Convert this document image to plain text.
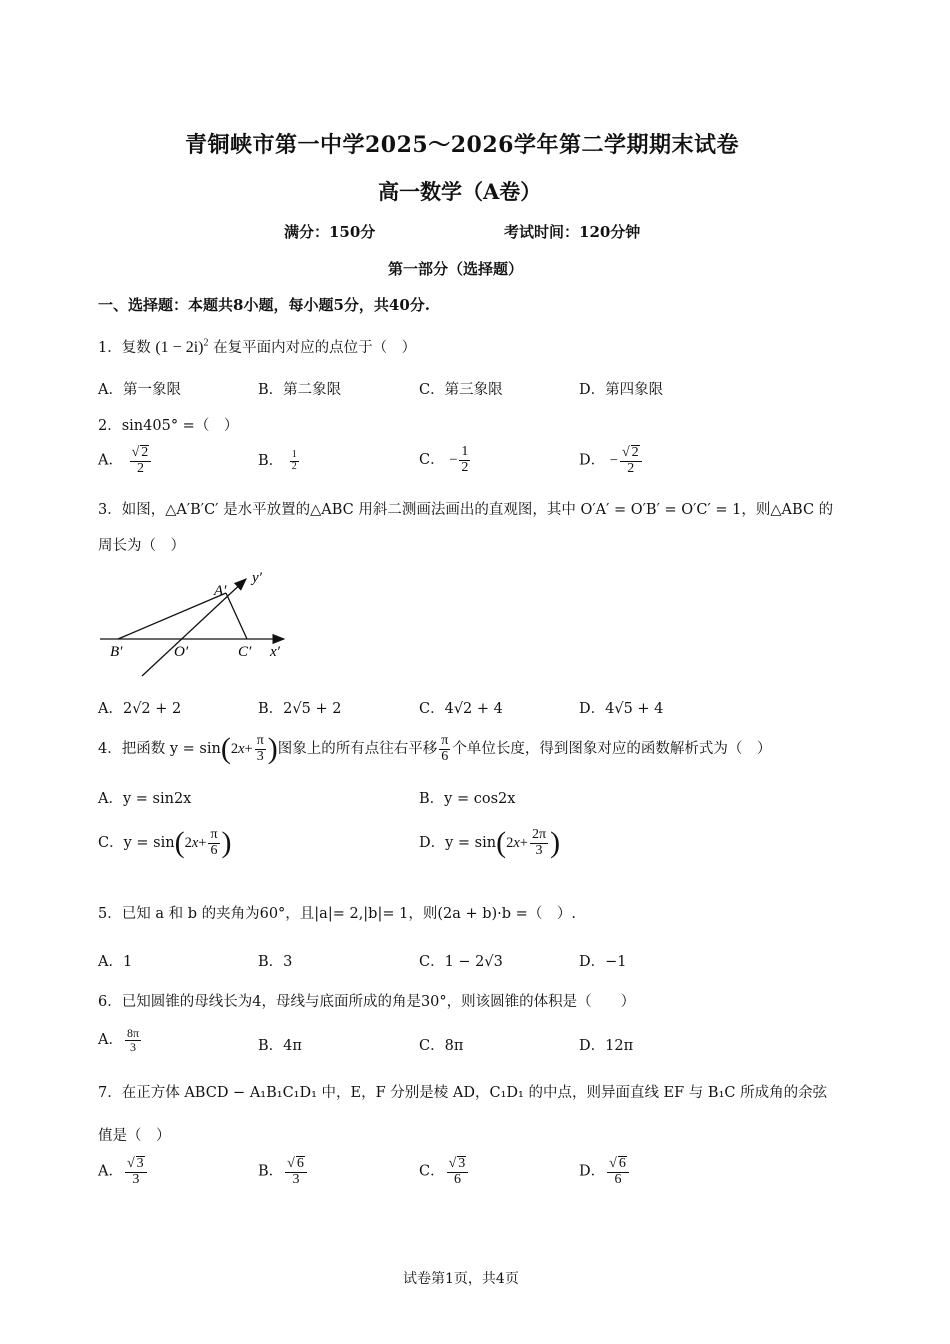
青铜峡市第一中学2025～2026学年第二学期期末试卷
高一数学（A卷）
满分：150分	考试时间：120分钟
第一部分（选择题）
一、选择题：本题共8小题，每小题5分，共40分.
1．复数 $(1 - 2i)^2$ 在复平面内对应的点位于（　）
A．第一象限	B．第二象限	C．第三象限	D．第四象限
2．sin405° =（　）
A． $\frac{√ 2}{2}$	B． $\frac{1}{2}$	C． − $\frac{1}{2}$	D． − $\frac{√ 2}{2}$
3．如图，△A′B′C′ 是水平放置的△ABC 用斜二测画法画出的直观图，其中 O′A′ = O′B′ = O′C′ = 1，则△ABC 的
周长为（　）
A′
y′
B′	O′	C′ x′
A．2√2 + 2	B．2√5 + 2	C．4√2 + 4	D．4√5 + 4
4．把函数 $y = \sin(2x+ \frac{\pi}{3}$ )图象上的所有点往右平移 $\frac{\pi}{6}$ 个单位长度，得到图象对应的函数解析式为（　）
A．y = sin2x	B．y = cos2x
C．$y = \sin(2x+ \frac{\pi}{6}$ )	D．$y = \sin(2x+ \frac{2\pi}{3}$ )
5．已知 a 和 b 的夹角为60°，且|a|= 2,|b|= 1，则(2a + b)·b =（　）.
A．1	B．3	C．1 − 2√3	D．−1
6．已知圆锥的母线长为4，母线与底面所成的角是30°，则该圆锥的体积是（　　）
A． $\frac{8\pi}{3}$	B．4π	C．8π	D．12π
7．在正方体 ABCD − A₁B₁C₁D₁ 中，E，F 分别是棱 AD，C₁D₁ 的中点，则异面直线 EF 与 B₁C 所成角的余弦
值是（　）
A． $\frac{√ 3}{3}$	B． $\frac{√ 6}{3}$	C． $\frac{√ 3}{6}$	D． $\frac{√ 6}{6}$
试卷第1页，共4页
